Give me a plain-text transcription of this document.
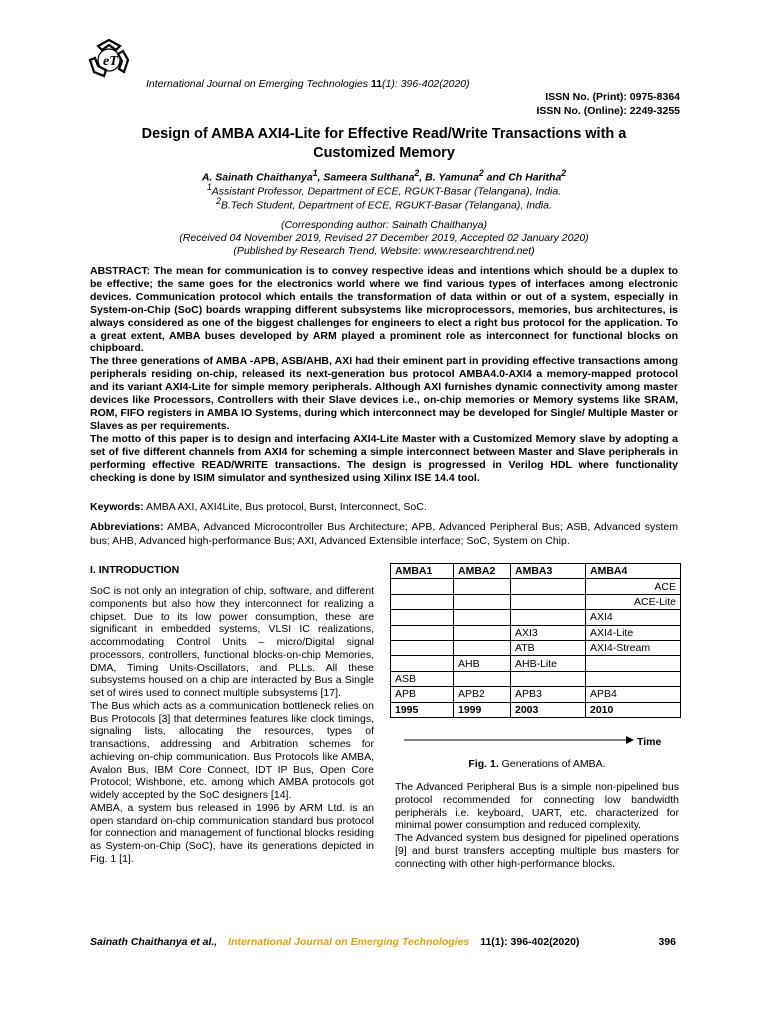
eT
International Journal on Emerging Technologies 11(1): 396-402(2020)
ISSN No. (Print): 0975-8364
ISSN No. (Online): 2249-3255
Design of AMBA AXI4-Lite for Effective Read/Write Transactions with a
Customized Memory
A. Sainath Chaithanya$^1$, Sameera Sulthana$^2$, B. Yamuna$^2$ and Ch Haritha$^2$
$^1$Assistant Professor, Department of ECE, RGUKT-Basar (Telangana), India.
$^2$B.Tech Student, Department of ECE, RGUKT-Basar (Telangana), India.
(Corresponding author: Sainath Chaithanya)
(Received 04 November 2019, Revised 27 December 2019, Accepted 02 January 2020)
(Published by Research Trend, Website: www.researchtrend.net)

ABSTRACT: The mean for communication is to convey respective ideas and intentions which should be a duplex to be effective; the same goes for the electronics world where we find various types of interfaces among electronic devices. Communication protocol which entails the transformation of data within or out of a system, especially in System-on-Chip (SoC) boards wrapping different subsystems like microprocessors, memories, bus architectures, is always considered as one of the biggest challenges for engineers to elect a right bus protocol for the application. To a great extent, AMBA buses developed by ARM played a prominent role as interconnect for functional blocks on chipboard.

The three generations of AMBA -APB, ASB/AHB, AXI had their eminent part in providing effective transactions among peripherals residing on-chip, released its next-generation bus protocol AMBA4.0-AXI4 a memory-mapped protocol and its variant AXI4-Lite for simple memory peripherals. Although AXI furnishes dynamic connectivity among master devices like Processors, Controllers with their Slave devices i.e., on-chip memories or Memory systems like SRAM, ROM, FIFO registers in AMBA IO Systems, during which interconnect may be developed for Single/ Multiple Master or Slaves as per requirements.

The motto of this paper is to design and interfacing AXI4-Lite Master with a Customized Memory slave by adopting a set of five different channels from AXI4 for scheming a simple interconnect between Master and Slave peripherals in performing effective READ/WRITE transactions. The design is progressed in Verilog HDL where functionality checking is done by ISIM simulator and synthesized using Xilinx ISE 14.4 tool.

Keywords: AMBA AXI, AXI4Lite, Bus protocol, Burst, Interconnect, SoC.
Abbreviations: AMBA, Advanced Microcontroller Bus Architecture; APB, Advanced Peripheral Bus; ASB, Advanced system bus; AHB, Advanced high-performance Bus; AXI, Advanced Extensible interface; SoC, System on Chip.
I. INTRODUCTION

SoC is not only an integration of chip, software, and different components but also how they interconnect for realizing a chipset. Due to its low power consumption, these are significant in embedded systems, VLSI IC realizations, accommodating Control Units – micro/Digital signal processors, controllers, functional blocks-on-chip Memories, DMA, Timing Units-Oscillators, and PLLs. All these subsystems housed on a chip are interacted by Bus a Single set of wires used to connect multiple subsystems [17].

The Bus which acts as a communication bottleneck relies on Bus Protocols [3] that determines features like clock timings, signaling lists, allocating the resources, types of transactions, addressing and Arbitration schemes for achieving on-chip communication. Bus Protocols like AMBA, Avalon Bus, IBM Core Connect, IDT IP Bus, Open Core Protocol; Wishbone, etc. among which AMBA protocols got widely accepted by the SoC designers [14].

AMBA, a system bus released in 1996 by ARM Ltd. is an open standard on-chip communication standard bus protocol for connection and management of functional blocks residing as System-on-Chip (SoC), have its generations depicted in Fig. 1 [1].

AMBA1	AMBA2	AMBA3	AMBA4
			ACE
			ACE-Lite
			AXI4
		AXI3	AXI4-Lite
		ATB	AXI4-Stream
	AHB	AHB-Lite	
ASB			
APB	APB2	APB3	APB4
1995	1999	2003	2010
Time
Fig. 1. Generations of AMBA.

The Advanced Peripheral Bus is a simple non-pipelined bus protocol recommended for connecting low bandwidth peripherals i.e. keyboard, UART, etc. characterized for minimal power consumption and reduced complexity.

The Advanced system bus designed for pipelined operations [9] and burst transfers accepting multiple bus masters for connecting with other high-performance blocks.

Sainath Chaithanya et al., International Journal on Emerging Technologies 11(1): 396-402(2020)	396
